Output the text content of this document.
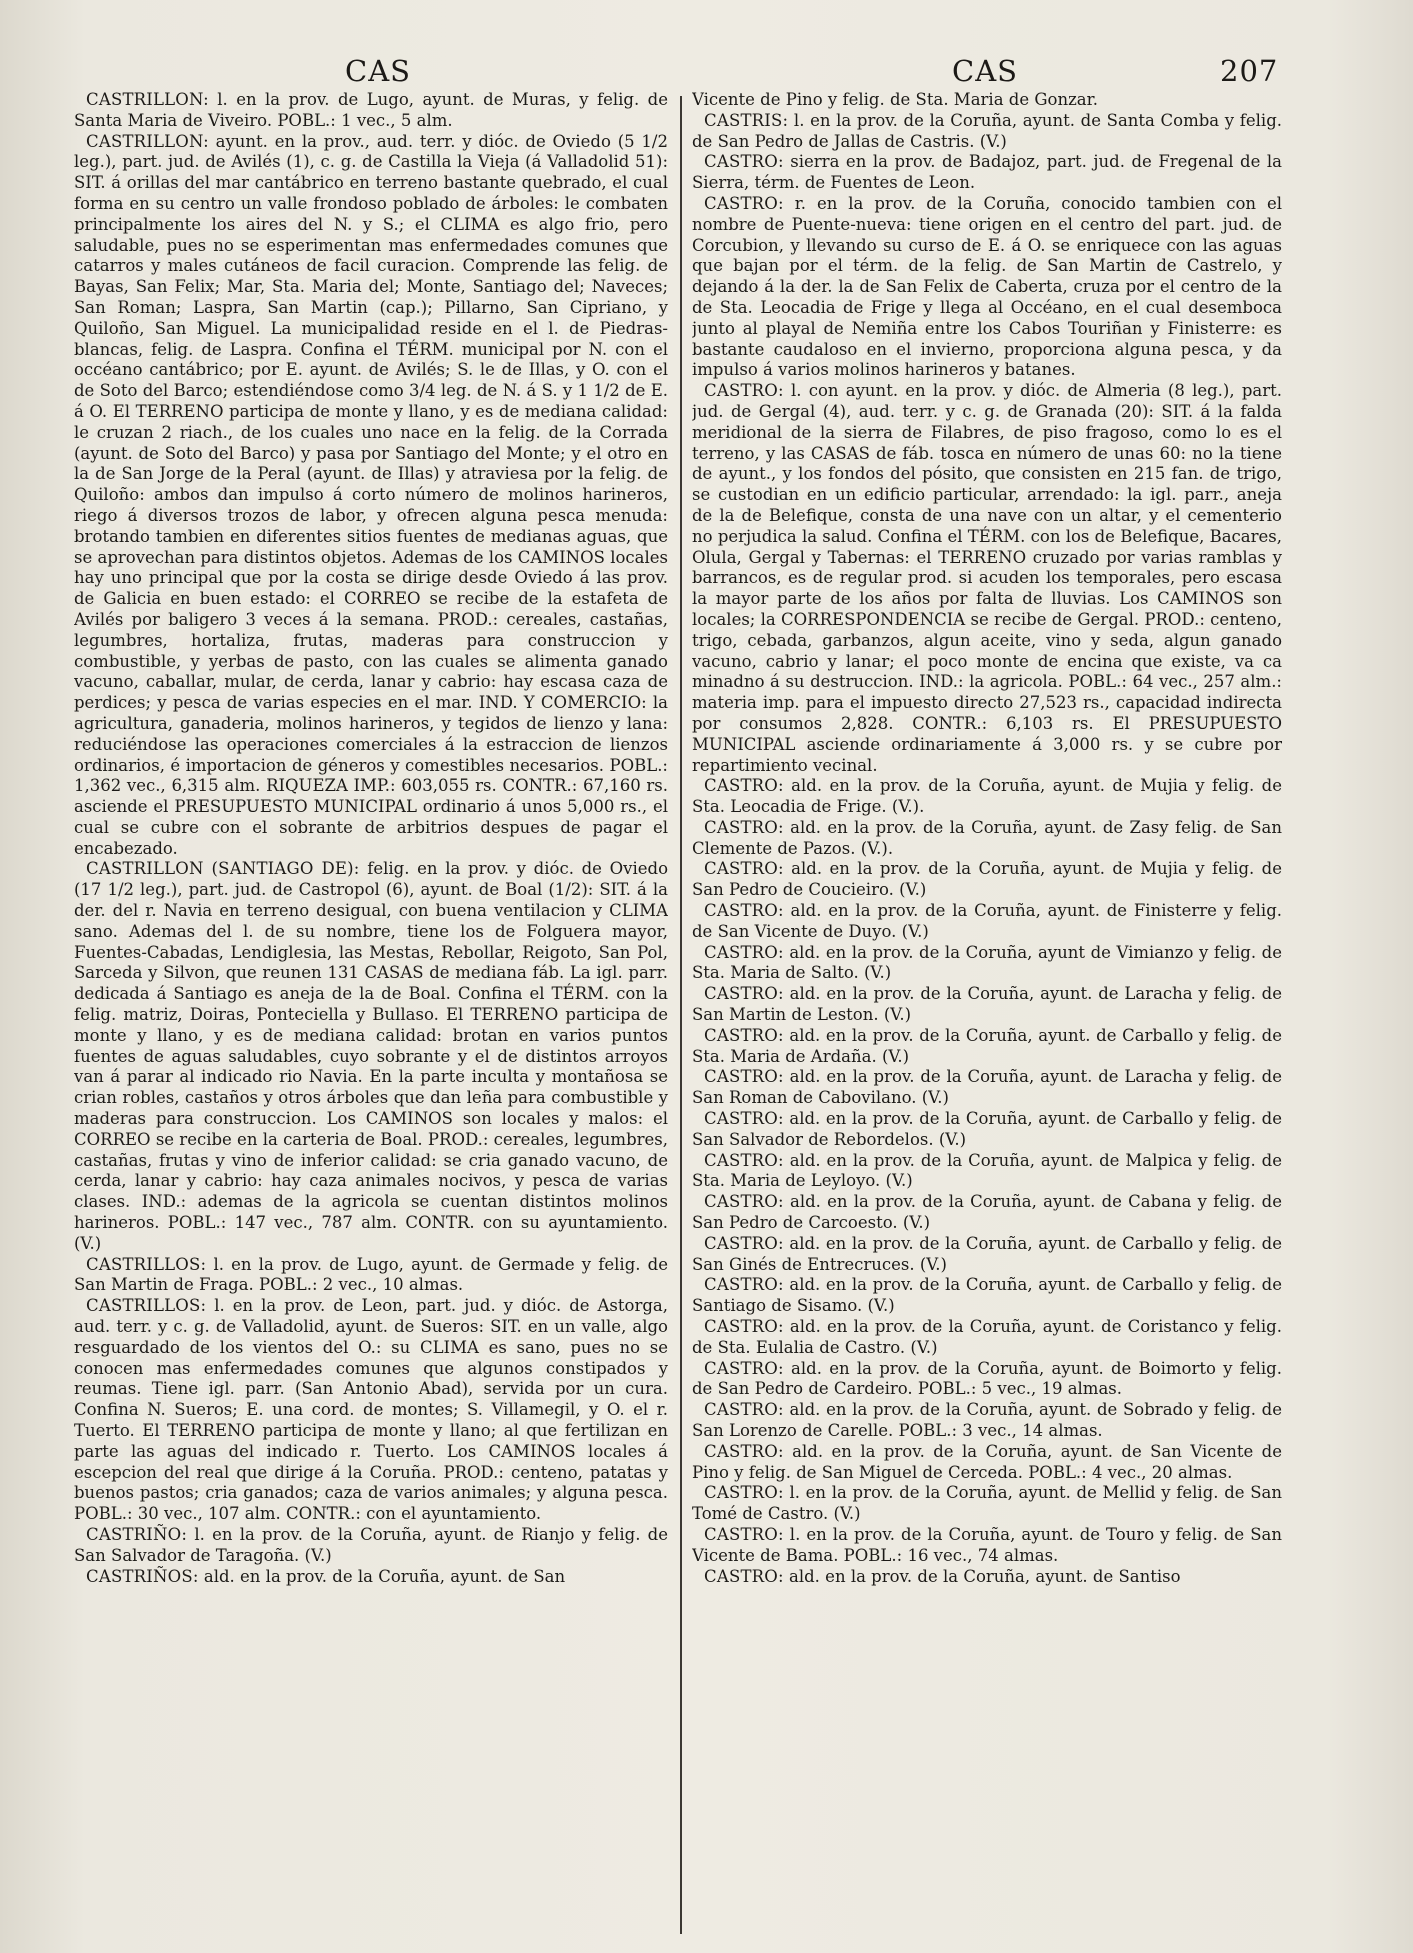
CAS	CAS	207

CASTRILLON: l. en la prov. de Lugo, ayunt. de Muras, y felig. de Santa Maria de Viveiro. POBL.: 1 vec., 5 alm.

CASTRILLON: ayunt. en la prov., aud. terr. y dióc. de Oviedo (5 1/2 leg.), part. jud. de Avilés (1), c. g. de Castilla la Vieja (á Valladolid 51): SIT. á orillas del mar cantábrico en terreno bastante quebrado, el cual forma en su centro un valle frondoso poblado de árboles: le combaten principalmente los aires del N. y S.; el CLIMA es algo frio, pero saludable, pues no se esperimentan mas enfermedades comunes que catarros y males cutáneos de facil curacion. Comprende las felig. de Bayas, San Felix; Mar, Sta. Maria del; Monte, Santiago del; Naveces; San Roman; Laspra, San Martin (cap.); Pillarno, San Cipriano, y Quiloño, San Miguel. La municipalidad reside en el l. de Piedras-blancas, felig. de Laspra. Confina el TÉRM. municipal por N. con el occéano cantábrico; por E. ayunt. de Avilés; S. le de Illas, y O. con el de Soto del Barco; estendiéndose como 3/4 leg. de N. á S. y 1 1/2 de E. á O. El TERRENO participa de monte y llano, y es de mediana calidad: le cruzan 2 riach., de los cuales uno nace en la felig. de la Corrada (ayunt. de Soto del Barco) y pasa por Santiago del Monte; y el otro en la de San Jorge de la Peral (ayunt. de Illas) y atraviesa por la felig. de Quiloño: ambos dan impulso á corto número de molinos harineros, riego á diversos trozos de labor, y ofrecen alguna pesca menuda: brotando tambien en diferentes sitios fuentes de medianas aguas, que se aprovechan para distintos objetos. Ademas de los CAMINOS locales hay uno principal que por la costa se dirige desde Oviedo á las prov. de Galicia en buen estado: el CORREO se recibe de la estafeta de Avilés por baligero 3 veces á la semana. PROD.: cereales, castañas, legumbres, hortaliza, frutas, maderas para construccion y combustible, y yerbas de pasto, con las cuales se alimenta ganado vacuno, caballar, mular, de cerda, lanar y cabrio: hay escasa caza de perdices; y pesca de varias especies en el mar. IND. Y COMERCIO: la agricultura, ganaderia, molinos harineros, y tegidos de lienzo y lana: reduciéndose las operaciones comerciales á la estraccion de lienzos ordinarios, é importacion de géneros y comestibles necesarios. POBL.: 1,362 vec., 6,315 alm. RIQUEZA IMP.: 603,055 rs. CONTR.: 67,160 rs. asciende el PRESUPUESTO MUNICIPAL ordinario á unos 5,000 rs., el cual se cubre con el sobrante de arbitrios despues de pagar el encabezado.

CASTRILLON (SANTIAGO DE): felig. en la prov. y dióc. de Oviedo (17 1/2 leg.), part. jud. de Castropol (6), ayunt. de Boal (1/2): SIT. á la der. del r. Navia en terreno desigual, con buena ventilacion y CLIMA sano. Ademas del l. de su nombre, tiene los de Folguera mayor, Fuentes-Cabadas, Lendiglesia, las Mestas, Rebollar, Reigoto, San Pol, Sarceda y Silvon, que reunen 131 CASAS de mediana fáb. La igl. parr. dedicada á Santiago es aneja de la de Boal. Confina el TÉRM. con la felig. matriz, Doiras, Ponteciella y Bullaso. El TERRENO participa de monte y llano, y es de mediana calidad: brotan en varios puntos fuentes de aguas saludables, cuyo sobrante y el de distintos arroyos van á parar al indicado rio Navia. En la parte inculta y montañosa se crian robles, castaños y otros árboles que dan leña para combustible y maderas para construccion. Los CAMINOS son locales y malos: el CORREO se recibe en la carteria de Boal. PROD.: cereales, legumbres, castañas, frutas y vino de inferior calidad: se cria ganado vacuno, de cerda, lanar y cabrio: hay caza animales nocivos, y pesca de varias clases. IND.: ademas de la agricola se cuentan distintos molinos harineros. POBL.: 147 vec., 787 alm. CONTR. con su ayuntamiento. (V.)

CASTRILLOS: l. en la prov. de Lugo, ayunt. de Germade y felig. de San Martin de Fraga. POBL.: 2 vec., 10 almas.

CASTRILLOS: l. en la prov. de Leon, part. jud. y dióc. de Astorga, aud. terr. y c. g. de Valladolid, ayunt. de Sueros: SIT. en un valle, algo resguardado de los vientos del O.: su CLIMA es sano, pues no se conocen mas enfermedades comunes que algunos constipados y reumas. Tiene igl. parr. (San Antonio Abad), servida por un cura. Confina N. Sueros; E. una cord. de montes; S. Villamegil, y O. el r. Tuerto. El TERRENO participa de monte y llano; al que fertilizan en parte las aguas del indicado r. Tuerto. Los CAMINOS locales á escepcion del real que dirige á la Coruña. PROD.: centeno, patatas y buenos pastos; cria ganados; caza de varios animales; y alguna pesca. POBL.: 30 vec., 107 alm. CONTR.: con el ayuntamiento.

CASTRIÑO: l. en la prov. de la Coruña, ayunt. de Rianjo y felig. de San Salvador de Taragoña. (V.)

CASTRIÑOS: ald. en la prov. de la Coruña, ayunt. de San

Vicente de Pino y felig. de Sta. Maria de Gonzar.

CASTRIS: l. en la prov. de la Coruña, ayunt. de Santa Comba y felig. de San Pedro de Jallas de Castris. (V.)

CASTRO: sierra en la prov. de Badajoz, part. jud. de Fregenal de la Sierra, térm. de Fuentes de Leon.

CASTRO: r. en la prov. de la Coruña, conocido tambien con el nombre de Puente-nueva: tiene origen en el centro del part. jud. de Corcubion, y llevando su curso de E. á O. se enriquece con las aguas que bajan por el térm. de la felig. de San Martin de Castrelo, y dejando á la der. la de San Felix de Caberta, cruza por el centro de la de Sta. Leocadia de Frige y llega al Occéano, en el cual desemboca junto al playal de Nemiña entre los Cabos Touriñan y Finisterre: es bastante caudaloso en el invierno, proporciona alguna pesca, y da impulso á varios molinos harineros y batanes.

CASTRO: l. con ayunt. en la prov. y dióc. de Almeria (8 leg.), part. jud. de Gergal (4), aud. terr. y c. g. de Granada (20): SIT. á la falda meridional de la sierra de Filabres, de piso fragoso, como lo es el terreno, y las CASAS de fáb. tosca en número de unas 60: no la tiene de ayunt., y los fondos del pósito, que consisten en 215 fan. de trigo, se custodian en un edificio particular, arrendado: la igl. parr., aneja de la de Belefique, consta de una nave con un altar, y el cementerio no perjudica la salud. Confina el TÉRM. con los de Belefique, Bacares, Olula, Gergal y Tabernas: el TERRENO cruzado por varias ramblas y barrancos, es de regular prod. si acuden los temporales, pero escasa la mayor parte de los años por falta de lluvias. Los CAMINOS son locales; la CORRESPONDENCIA se recibe de Gergal. PROD.: centeno, trigo, cebada, garbanzos, algun aceite, vino y seda, algun ganado vacuno, cabrio y lanar; el poco monte de encina que existe, va ca minadno á su destruccion. IND.: la agricola. POBL.: 64 vec., 257 alm.: materia imp. para el impuesto directo 27,523 rs., capacidad indirecta por consumos 2,828. CONTR.: 6,103 rs. El PRESUPUESTO MUNICIPAL asciende ordinariamente á 3,000 rs. y se cubre por repartimiento vecinal.

CASTRO: ald. en la prov. de la Coruña, ayunt. de Mujia y felig. de Sta. Leocadia de Frige. (V.).

CASTRO: ald. en la prov. de la Coruña, ayunt. de Zasy felig. de San Clemente de Pazos. (V.).

CASTRO: ald. en la prov. de la Coruña, ayunt. de Mujia y felig. de San Pedro de Coucieiro. (V.)

CASTRO: ald. en la prov. de la Coruña, ayunt. de Finisterre y felig. de San Vicente de Duyo. (V.)

CASTRO: ald. en la prov. de la Coruña, ayunt de Vimianzo y felig. de Sta. Maria de Salto. (V.)

CASTRO: ald. en la prov. de la Coruña, ayunt. de Laracha y felig. de San Martin de Leston. (V.)

CASTRO: ald. en la prov. de la Coruña, ayunt. de Carballo y felig. de Sta. Maria de Ardaña. (V.)

CASTRO: ald. en la prov. de la Coruña, ayunt. de Laracha y felig. de San Roman de Cabovilano. (V.)

CASTRO: ald. en la prov. de la Coruña, ayunt. de Carballo y felig. de San Salvador de Rebordelos. (V.)

CASTRO: ald. en la prov. de la Coruña, ayunt. de Malpica y felig. de Sta. Maria de Leyloyo. (V.)

CASTRO: ald. en la prov. de la Coruña, ayunt. de Cabana y felig. de San Pedro de Carcoesto. (V.)

CASTRO: ald. en la prov. de la Coruña, ayunt. de Carballo y felig. de San Ginés de Entrecruces. (V.)

CASTRO: ald. en la prov. de la Coruña, ayunt. de Carballo y felig. de Santiago de Sisamo. (V.)

CASTRO: ald. en la prov. de la Coruña, ayunt. de Coristanco y felig. de Sta. Eulalia de Castro. (V.)

CASTRO: ald. en la prov. de la Coruña, ayunt. de Boimorto y felig. de San Pedro de Cardeiro. POBL.: 5 vec., 19 almas.

CASTRO: ald. en la prov. de la Coruña, ayunt. de Sobrado y felig. de San Lorenzo de Carelle. POBL.: 3 vec., 14 almas.

CASTRO: ald. en la prov. de la Coruña, ayunt. de San Vicente de Pino y felig. de San Miguel de Cerceda. POBL.: 4 vec., 20 almas.

CASTRO: l. en la prov. de la Coruña, ayunt. de Mellid y felig. de San Tomé de Castro. (V.)

CASTRO: l. en la prov. de la Coruña, ayunt. de Touro y felig. de San Vicente de Bama. POBL.: 16 vec., 74 almas.

CASTRO: ald. en la prov. de la Coruña, ayunt. de Santiso
